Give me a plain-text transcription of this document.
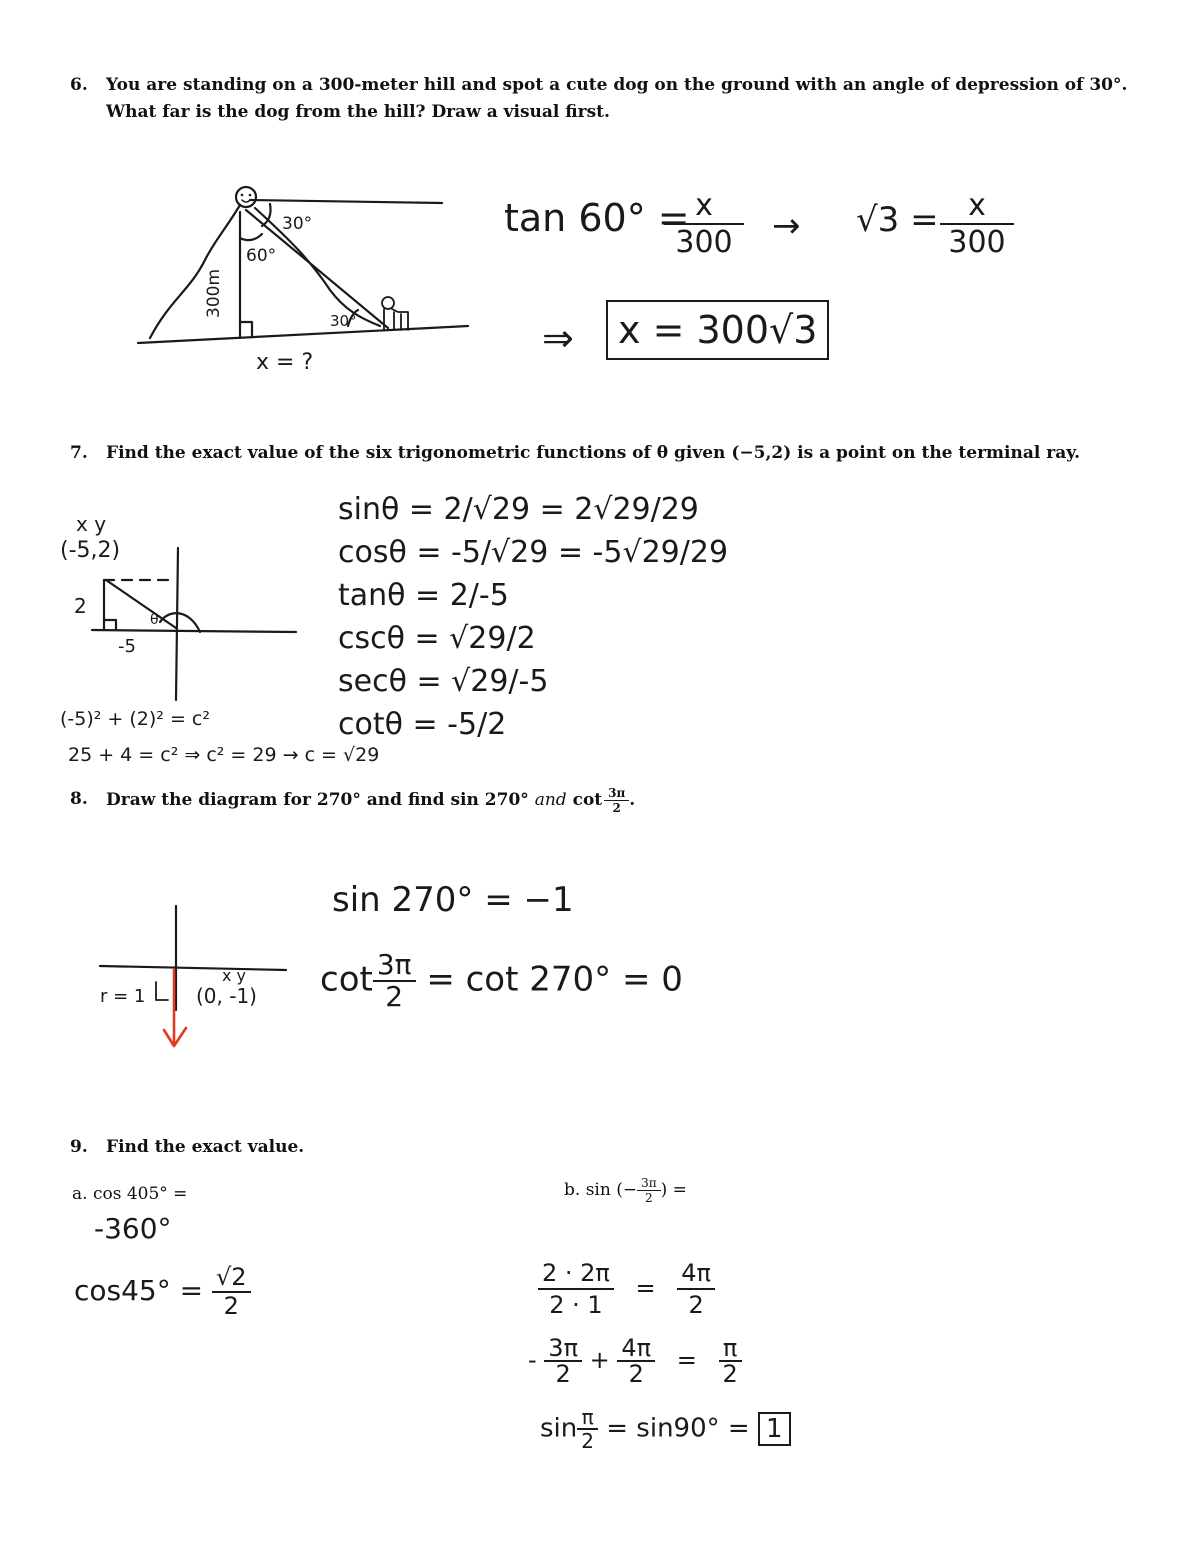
6. You are standing on a 300-meter hill and spot a cute dog on the ground with an angle of depression of 30°.
What far is the dog from the hill? Draw a visual first.
30°
60°
300m
30°
x = ?
tan 60° =
$\frac{x}{300} \to √3 = \frac{x}{300}$
⇒	x = 300√3
7. Find the exact value of the six trigonometric functions of θ given (−5,2) is a point on the terminal ray.
x y
(-5,2)
2
-5
θ
sinθ = 2/√29 = 2√29/29
cosθ = -5/√29 = -5√29/29
tanθ = 2/-5
cscθ = √29/2
secθ = √29/-5
cotθ = -5/2
(-5)² + (2)² = c²
25 + 4 = c² ⇒ c² = 29 → c = √29
8. Draw the diagram for 270° and find sin 270° and $\cot \frac{3\pi}{2}$ .
r = 1
x y
(0, -1)
sin 270° = −1
$\cot \frac{3\pi}{2} = \cot 270^\circ = 0$
9. Find the exact value.
a. cos 405° =
-360°
$\cos 45^\circ = \frac{√2}{2}$
b. sin (− $\frac{3\pi}{2}$ ) =
$\frac{2 \cdot 2\pi}{2 \cdot 1} = \frac{4\pi}{2}$
- $\frac{3\pi}{2} + \frac{4\pi}{2} = \frac{\pi}{2}$
$\sin \frac{\pi}{2} = \sin 90^\circ = 1$
